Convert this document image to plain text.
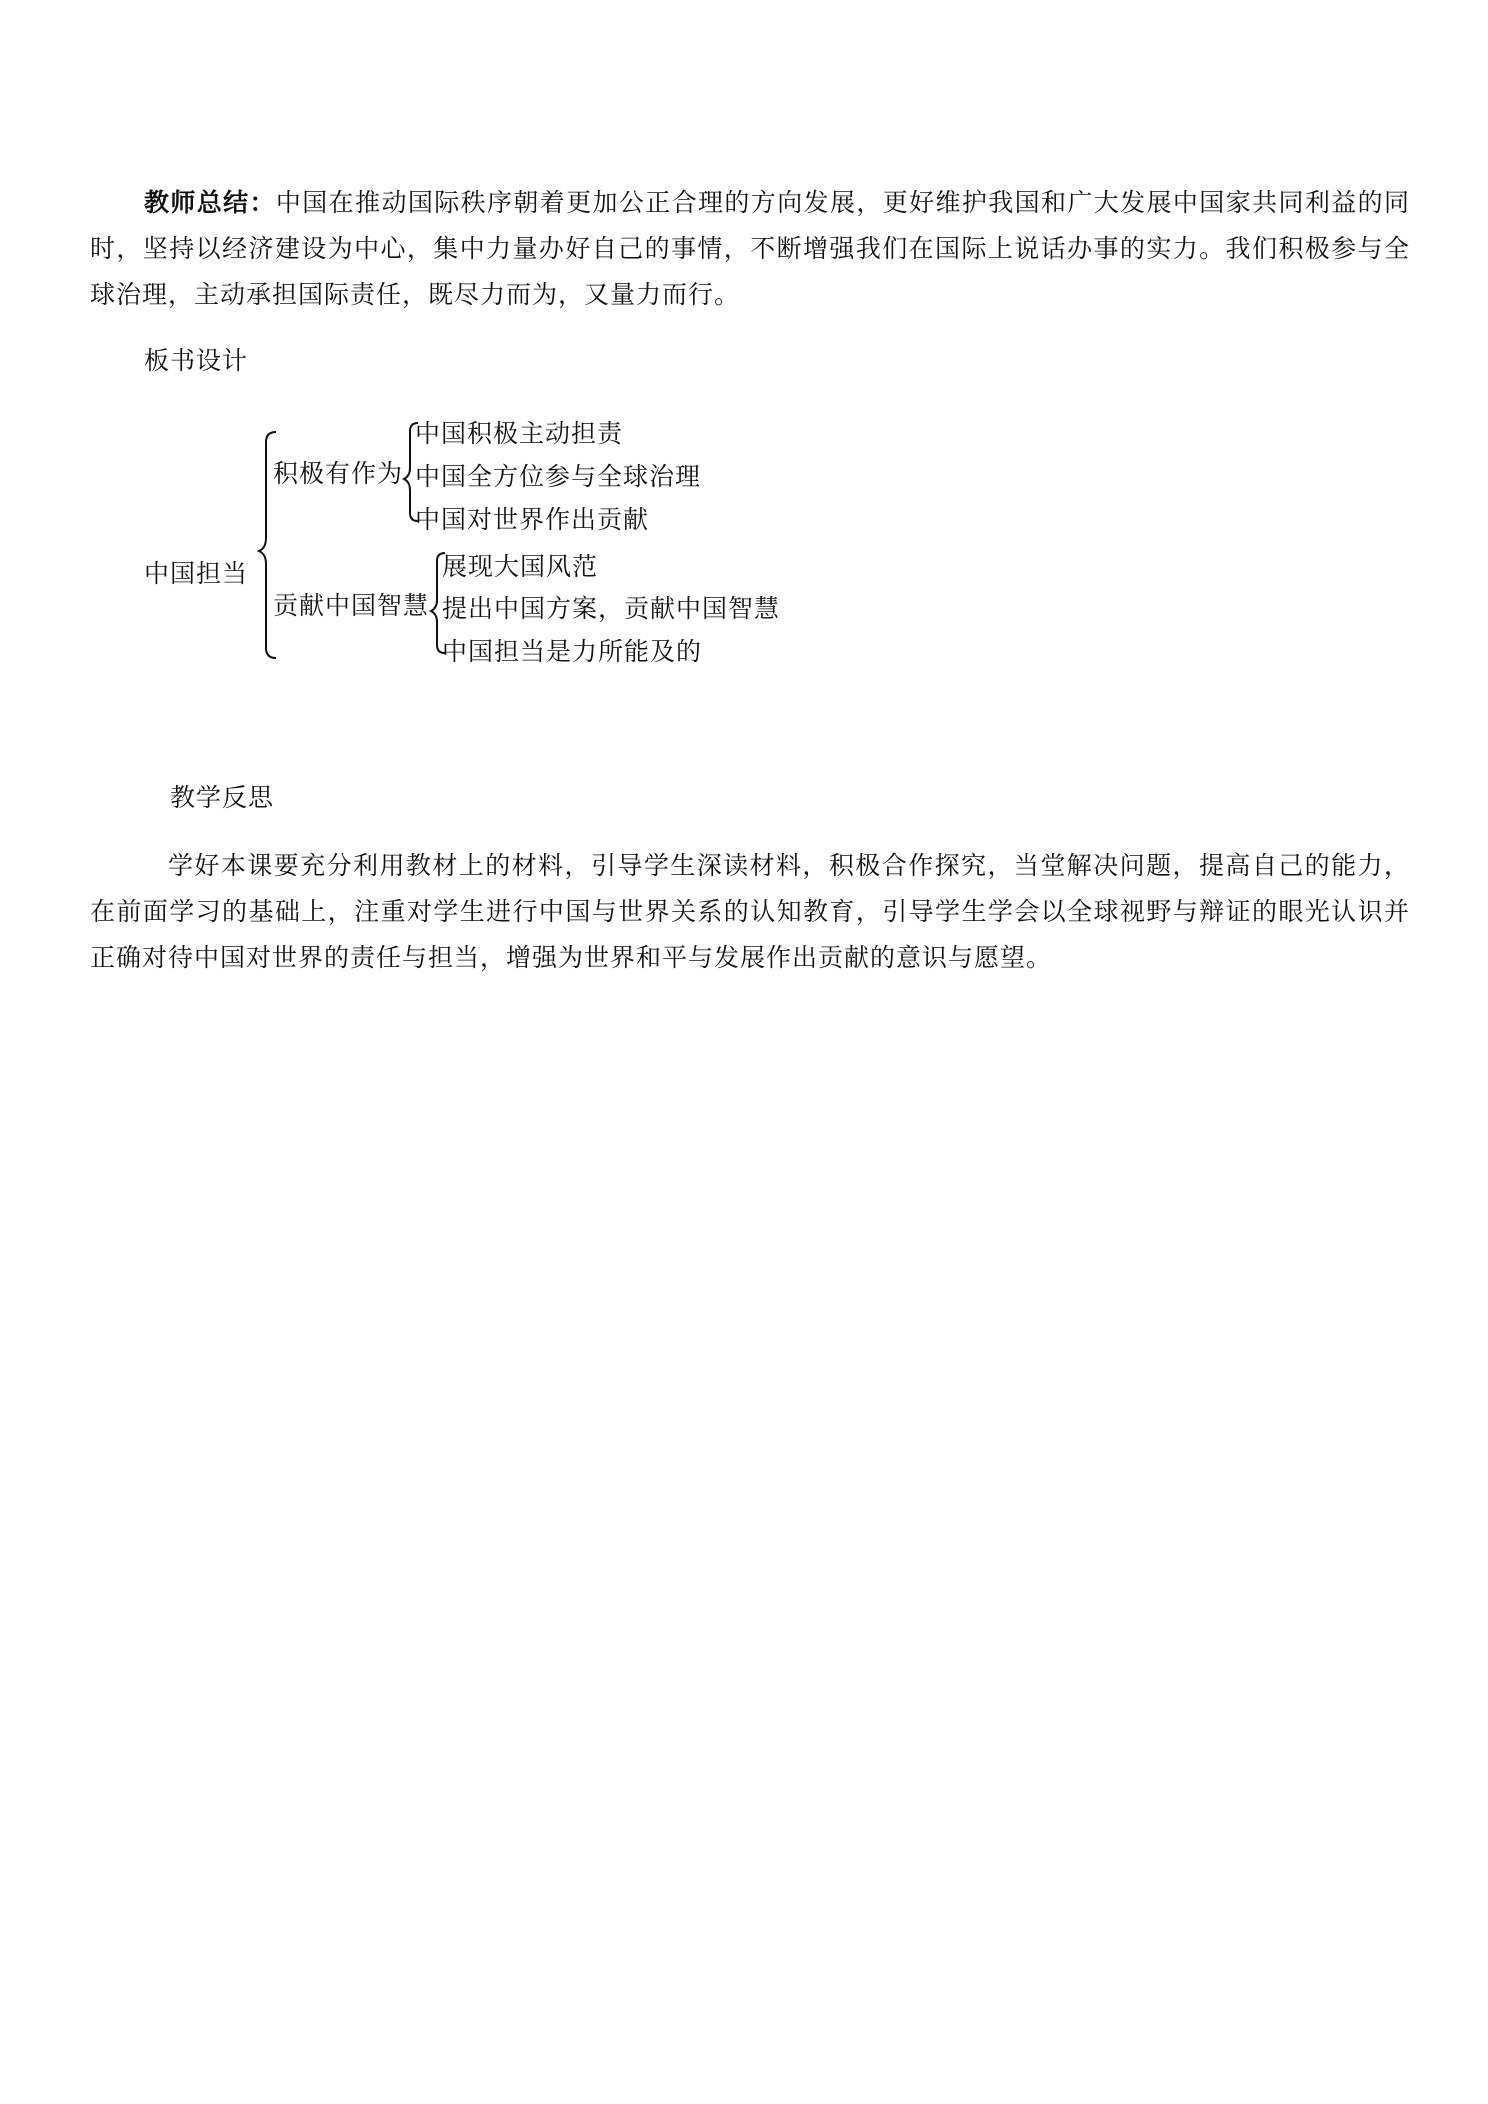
教师总结：中国在推动国际秩序朝着更加公正合理的方向发展，更好维护我国和广大发展中国家共同利益的同时，坚持以经济建设为中心，集中力量办好自己的事情，不断增强我们在国际上说话办事的实力。我们积极参与全球治理，主动承担国际责任，既尽力而为，又量力而行。

板书设计

中国担当

积极有作为

中国积极主动担责

中国全方位参与全球治理

中国对世界作出贡献

贡献中国智慧

展现大国风范

提出中国方案，贡献中国智慧

中国担当是力所能及的

教学反思

学好本课要充分利用教材上的材料，引导学生深读材料，积极合作探究，当堂解决问题，提高自己的能力，在前面学习的基础上，注重对学生进行中国与世界关系的认知教育，引导学生学会以全球视野与辩证的眼光认识并正确对待中国对世界的责任与担当，增强为世界和平与发展作出贡献的意识与愿望。
